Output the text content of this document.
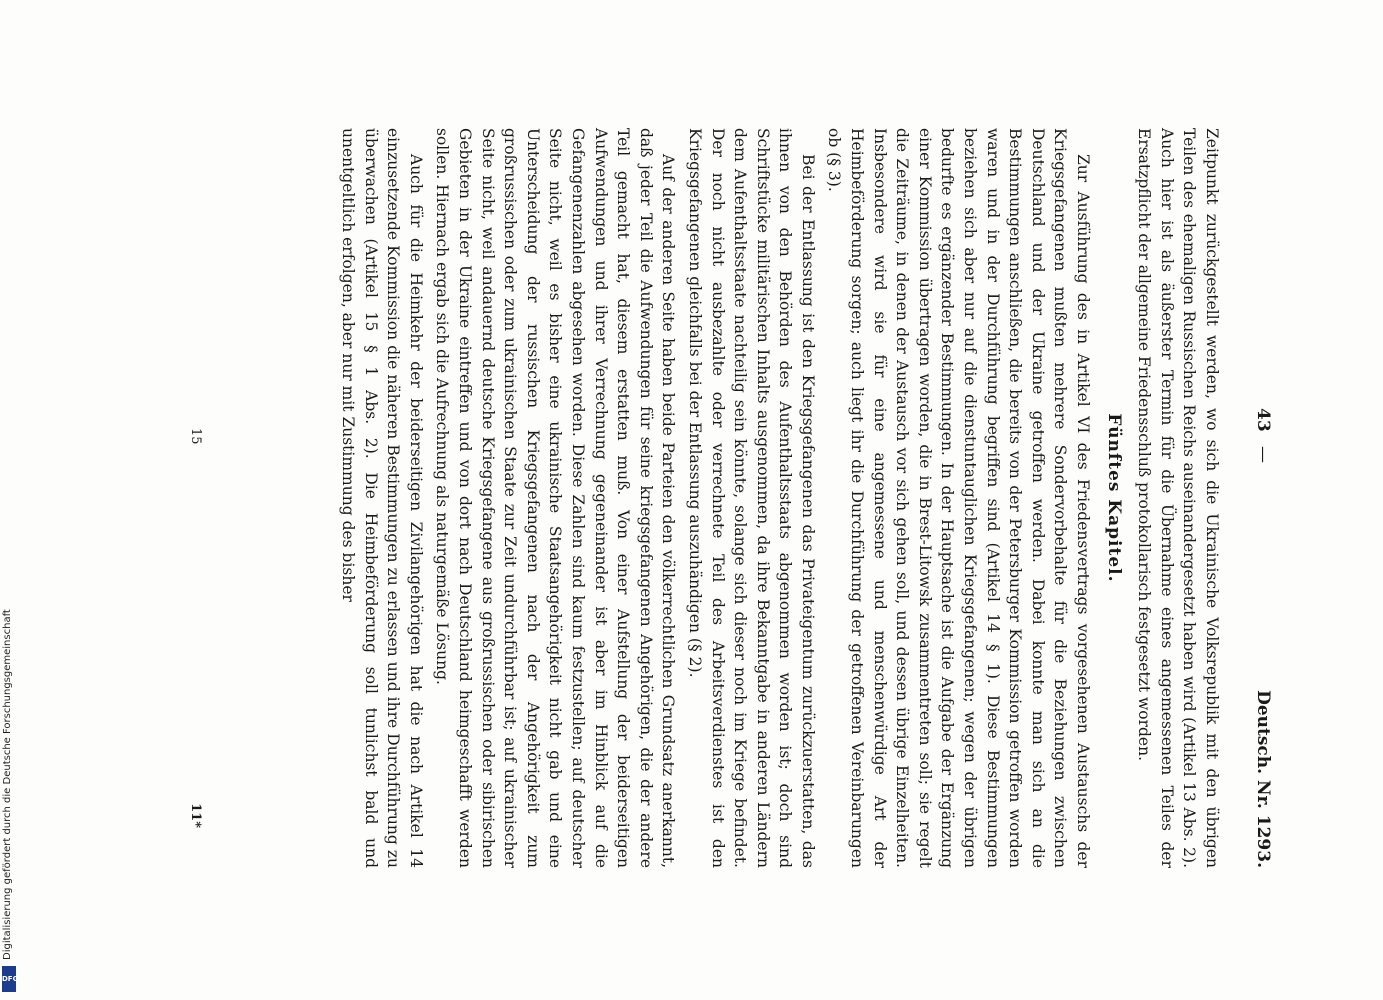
43
—
Deutsch. Nr. 1293.

Zeitpunkt zurückgestellt werden, wo sich die Ukrainische Volksrepublik mit den übrigen Teilen des ehemaligen Russischen Reichs auseinandergesetzt haben wird (Artikel 13 Abs. 2). Auch hier ist als äußerster Termin für die Übernahme eines angemessenen Teiles der Ersatzpflicht der allgemeine Friedensschluß protokollarisch festgesetzt worden.

Fünftes Kapitel.

Zur Ausführung des in Artikel VI des Friedensvertrags vorgesehenen Austauschs der Kriegsgefangenen mußten mehrere Sondervorbehalte für die Beziehungen zwischen Deutschland und der Ukraine getroffen werden. Dabei konnte man sich an die Bestimmungen anschließen, die bereits von der Petersburger Kommission getroffen worden waren und in der Durchführung begriffen sind (Artikel 14 § 1). Diese Bestimmungen beziehen sich aber nur auf die dienstuntauglichen Kriegsgefangenen; wegen der übrigen bedurfte es ergänzender Bestimmungen. In der Hauptsache ist die Aufgabe der Ergänzung einer Kommission übertragen worden, die in Brest-Litowsk zusammentreten soll; sie regelt die Zeiträume, in denen der Austausch vor sich gehen soll, und dessen übrige Einzelheiten. Insbesondere wird sie für eine angemessene und menschenwürdige Art der Heimbeförderung sorgen; auch liegt ihr die Durchführung der getroffenen Vereinbarungen ob (§ 3).

Bei der Entlassung ist den Kriegsgefangenen das Privateigentum zurückzuerstatten, das ihnen von den Behörden des Aufenthaltsstaats abgenommen worden ist; doch sind Schriftstücke militärischen Inhalts ausgenommen, da ihre Bekanntgabe in anderen Ländern dem Aufenthaltsstaate nachteilig sein könnte, solange sich dieser noch im Kriege befindet. Der noch nicht ausbezahlte oder verrechnete Teil des Arbeitsverdienstes ist den Kriegsgefangenen gleichfalls bei der Entlassung auszuhändigen (§ 2).

Auf der anderen Seite haben beide Parteien den völkerrechtlichen Grundsatz anerkannt, daß jeder Teil die Aufwendungen für seine kriegsgefangenen Angehörigen, die der andere Teil gemacht hat, diesem erstatten muß. Von einer Aufstellung der beiderseitigen Aufwendungen und ihrer Verrechnung gegeneinander ist aber im Hinblick auf die Gefangenenzahlen abgesehen worden. Diese Zahlen sind kaum festzustellen; auf deutscher Seite nicht, weil es bisher eine ukrainische Staatsangehörigkeit nicht gab und eine Unterscheidung der russischen Kriegsgefangenen nach der Angehörigkeit zum großrussischen oder zum ukrainischen Staate zur Zeit undurchführbar ist; auf ukrainischer Seite nicht, weil andauernd deutsche Kriegsgefangene aus großrussischen oder sibirischen Gebieten in der Ukraine eintreffen und von dort nach Deutschland heimgeschafft werden sollen. Hiernach ergab sich die Aufrechnung als naturgemäße Lösung.

Auch für die Heimkehr der beiderseitigen Zivilangehörigen hat die nach Artikel 14 einzusetzende Kommission die näheren Bestimmungen zu erlassen und ihre Durchführung zu überwachen (Artikel 15 § 1 Abs. 2). Die Heimbeförderung soll tunlichst bald und unentgeltlich erfolgen, aber nur mit Zustimmung des bisher

15
11*
Digitalisierung gefördert durch die Deutsche Forschungsgemeinschaft
DFG
